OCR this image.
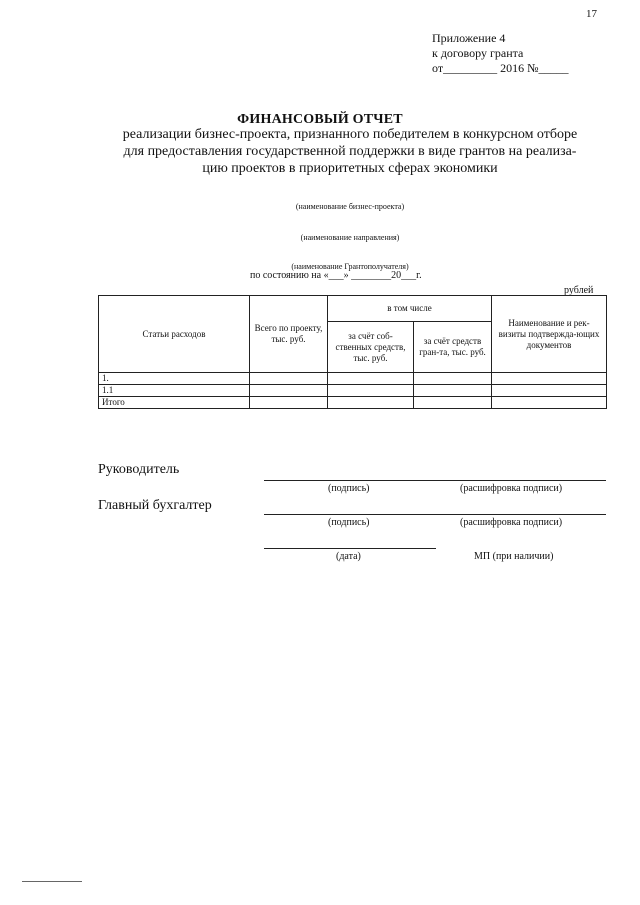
17
Приложение 4
к договору гранта
от_________ 2016 №_____
ФИНАНСОВЫЙ ОТЧЕТ
реализации бизнес-проекта, признанного победителем в конкурсном отборе
для предоставления государственной поддержки в виде грантов на реализа-
цию проектов в приоритетных сферах экономики
(наименование бизнес-проекта)
(наименование направления)
(наименование Грантополучателя)
по состоянию на «___» ________20___г.
рублей
Статьи расходов	Всего по проекту, тыс. руб.	в том числе		Наименование и рек-визиты подтвержда-ющих документов
		за счёт соб-ственных средств, тыс. руб.	за счёт средств гран-та, тыс. руб.	
1.				
1.1				
Итого				
Руководитель
(подпись)	(расшифровка подписи)
Главный бухгалтер
(подпись)	(расшифровка подписи)
(дата)	МП (при наличии)
